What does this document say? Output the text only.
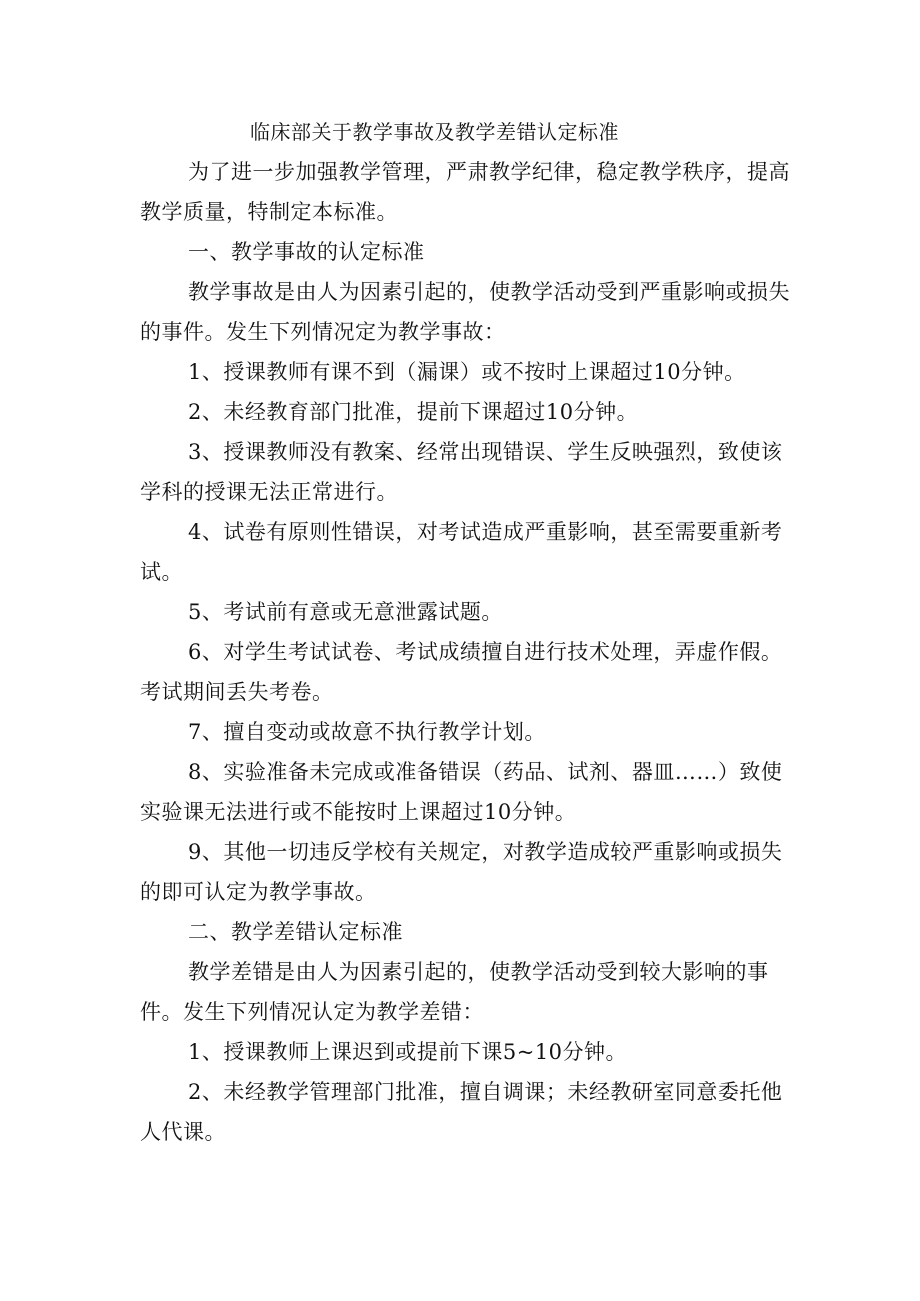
临床部关于教学事故及教学差错认定标准

为了进一步加强教学管理，严肃教学纪律，稳定教学秩序，提高教学质量，特制定本标准。

一、教学事故的认定标准

教学事故是由人为因素引起的，使教学活动受到严重影响或损失的事件。发生下列情况定为教学事故：

1、授课教师有课不到（漏课）或不按时上课超过10分钟。

2、未经教育部门批准，提前下课超过10分钟。

3、授课教师没有教案、经常出现错误、学生反映强烈，致使该学科的授课无法正常进行。

4、试卷有原则性错误，对考试造成严重影响，甚至需要重新考试。

5、考试前有意或无意泄露试题。

6、对学生考试试卷、考试成绩擅自进行技术处理，弄虚作假。考试期间丢失考卷。

7、擅自变动或故意不执行教学计划。

8、实验准备未完成或准备错误（药品、试剂、器皿……）致使实验课无法进行或不能按时上课超过10分钟。

9、其他一切违反学校有关规定，对教学造成较严重影响或损失的即可认定为教学事故。

二、教学差错认定标准

教学差错是由人为因素引起的，使教学活动受到较大影响的事件。发生下列情况认定为教学差错：

1、授课教师上课迟到或提前下课5~10分钟。

2、未经教学管理部门批准，擅自调课；未经教研室同意委托他人代课。
